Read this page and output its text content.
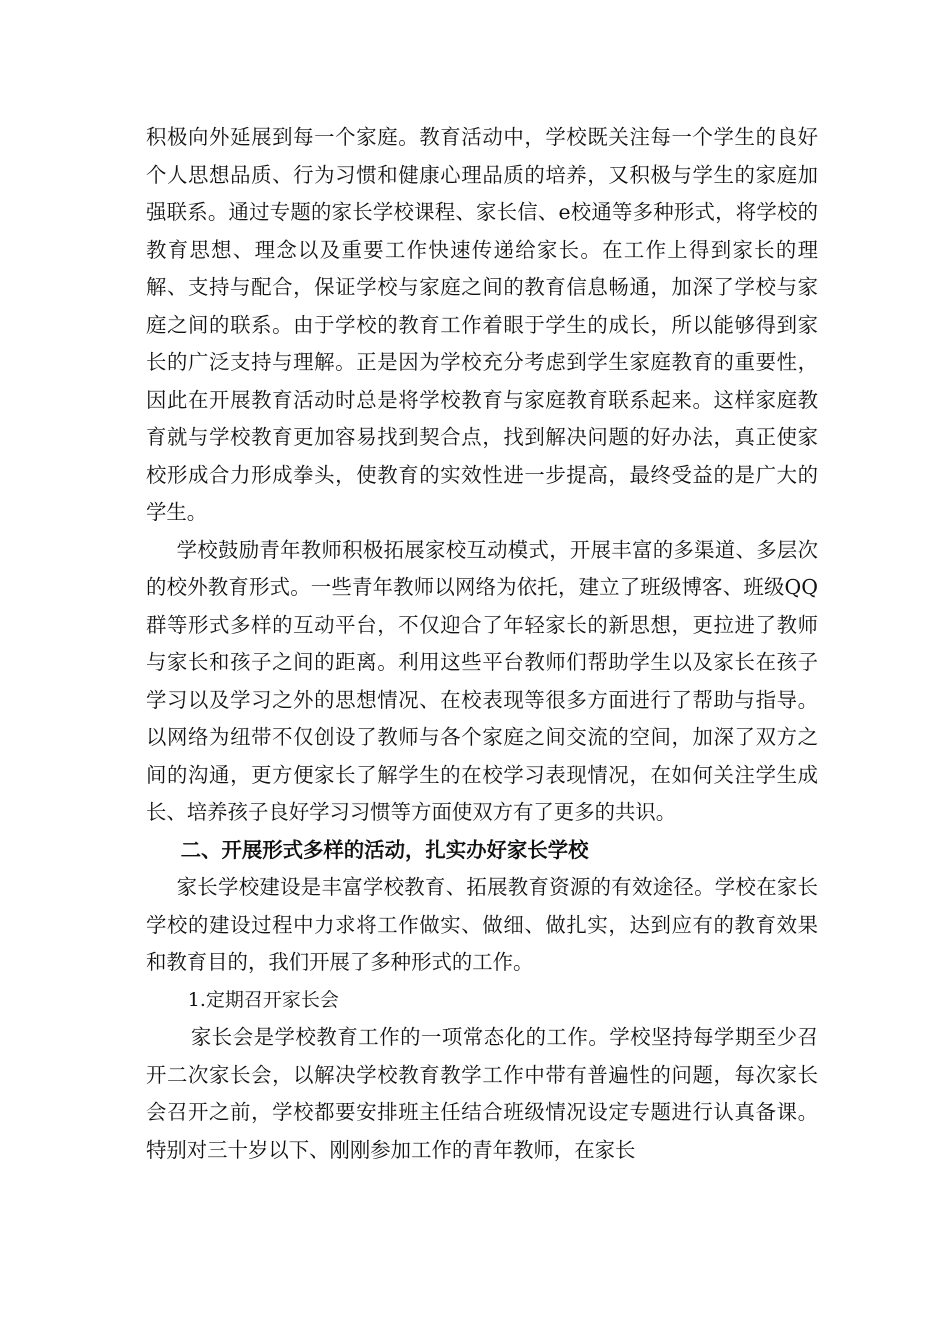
积极向外延展到每一个家庭。教育活动中，学校既关注每一个学生的良好个人思想品质、行为习惯和健康心理品质的培养，又积极与学生的家庭加强联系。通过专题的家长学校课程、家长信、e校通等多种形式，将学校的教育思想、理念以及重要工作快速传递给家长。在工作上得到家长的理解、支持与配合，保证学校与家庭之间的教育信息畅通，加深了学校与家庭之间的联系。由于学校的教育工作着眼于学生的成长，所以能够得到家长的广泛支持与理解。正是因为学校充分考虑到学生家庭教育的重要性，因此在开展教育活动时总是将学校教育与家庭教育联系起来。这样家庭教育就与学校教育更加容易找到契合点，找到解决问题的好办法，真正使家校形成合力形成拳头，使教育的实效性进一步提高，最终受益的是广大的学生。

学校鼓励青年教师积极拓展家校互动模式，开展丰富的多渠道、多层次的校外教育形式。一些青年教师以网络为依托，建立了班级博客、班级QQ群等形式多样的互动平台，不仅迎合了年轻家长的新思想，更拉进了教师与家长和孩子之间的距离。利用这些平台教师们帮助学生以及家长在孩子学习以及学习之外的思想情况、在校表现等很多方面进行了帮助与指导。以网络为纽带不仅创设了教师与各个家庭之间交流的空间，加深了双方之间的沟通，更方便家长了解学生的在校学习表现情况，在如何关注学生成长、培养孩子良好学习习惯等方面使双方有了更多的共识。

二、开展形式多样的活动，扎实办好家长学校

家长学校建设是丰富学校教育、拓展教育资源的有效途径。学校在家长学校的建设过程中力求将工作做实、做细、做扎实，达到应有的教育效果和教育目的，我们开展了多种形式的工作。

1.定期召开家长会

家长会是学校教育工作的一项常态化的工作。学校坚持每学期至少召开二次家长会，以解决学校教育教学工作中带有普遍性的问题，每次家长会召开之前，学校都要安排班主任结合班级情况设定专题进行认真备课。特别对三十岁以下、刚刚参加工作的青年教师，在家长
